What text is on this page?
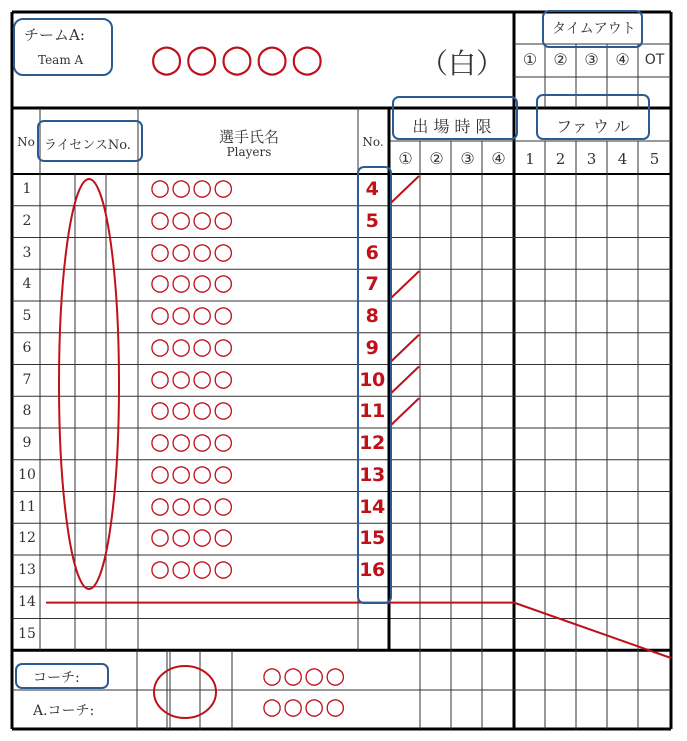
チームA:
Team A ○○○○○	（白）
タイムアウト
①	②	③	④	OT
No ライセンスNo.	選手氏名
Players
No.
出 場 時 限
①	②	③	④
ファ ウ ル
1	2	3	4	5
1	○○○○	4
2	○○○○	5
3	○○○○	6
4	○○○○	7
5	○○○○	8
6	○○○○	9
7	○○○○	10
8	○○○○	11
9	○○○○	12
10	○○○○	13
11	○○○○	14
12	○○○○	15
13	○○○○	16
14
15
コーチ:	○○○○
A.コーチ:	○○○○
